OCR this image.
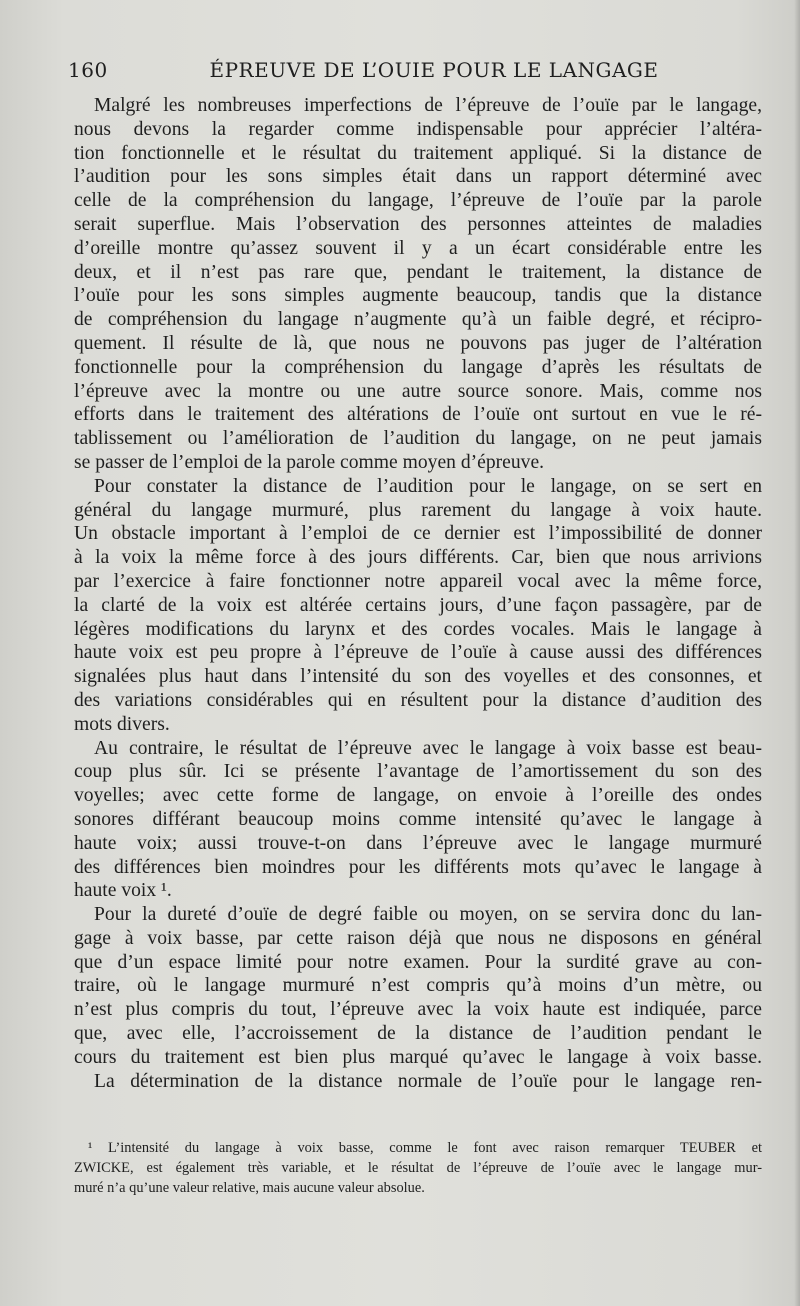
160	ÉPREUVE DE L’OUIE POUR LE LANGAGE
Malgré les nombreuses imperfections de l’épreuve de l’ouïe par le langage,
nous devons la regarder comme indispensable pour apprécier l’altéra-
tion fonctionnelle et le résultat du traitement appliqué. Si la distance de
l’audition pour les sons simples était dans un rapport déterminé avec
celle de la compréhension du langage, l’épreuve de l’ouïe par la parole
serait superflue. Mais l’observation des personnes atteintes de maladies
d’oreille montre qu’assez souvent il y a un écart considérable entre les
deux, et il n’est pas rare que, pendant le traitement, la distance de
l’ouïe pour les sons simples augmente beaucoup, tandis que la distance
de compréhension du langage n’augmente qu’à un faible degré, et récipro-
quement. Il résulte de là, que nous ne pouvons pas juger de l’altération
fonctionnelle pour la compréhension du langage d’après les résultats de
l’épreuve avec la montre ou une autre source sonore. Mais, comme nos
efforts dans le traitement des altérations de l’ouïe ont surtout en vue le ré-
tablissement ou l’amélioration de l’audition du langage, on ne peut jamais
se passer de l’emploi de la parole comme moyen d’épreuve.
Pour constater la distance de l’audition pour le langage, on se sert en
général du langage murmuré, plus rarement du langage à voix haute.
Un obstacle important à l’emploi de ce dernier est l’impossibilité de donner
à la voix la même force à des jours différents. Car, bien que nous arrivions
par l’exercice à faire fonctionner notre appareil vocal avec la même force,
la clarté de la voix est altérée certains jours, d’une façon passagère, par de
légères modifications du larynx et des cordes vocales. Mais le langage à
haute voix est peu propre à l’épreuve de l’ouïe à cause aussi des différences
signalées plus haut dans l’intensité du son des voyelles et des consonnes, et
des variations considérables qui en résultent pour la distance d’audition des
mots divers.
Au contraire, le résultat de l’épreuve avec le langage à voix basse est beau-
coup plus sûr. Ici se présente l’avantage de l’amortissement du son des
voyelles; avec cette forme de langage, on envoie à l’oreille des ondes
sonores différant beaucoup moins comme intensité qu’avec le langage à
haute voix; aussi trouve-t-on dans l’épreuve avec le langage murmuré
des différences bien moindres pour les différents mots qu’avec le langage à
haute voix ¹.
Pour la dureté d’ouïe de degré faible ou moyen, on se servira donc du lan-
gage à voix basse, par cette raison déjà que nous ne disposons en général
que d’un espace limité pour notre examen. Pour la surdité grave au con-
traire, où le langage murmuré n’est compris qu’à moins d’un mètre, ou
n’est plus compris du tout, l’épreuve avec la voix haute est indiquée, parce
que, avec elle, l’accroissement de la distance de l’audition pendant le
cours du traitement est bien plus marqué qu’avec le langage à voix basse.
La détermination de la distance normale de l’ouïe pour le langage ren-
¹ L’intensité du langage à voix basse, comme le font avec raison remarquer TEUBER et
ZWICKE, est également très variable, et le résultat de l’épreuve de l’ouïe avec le langage mur-
muré n’a qu’une valeur relative, mais aucune valeur absolue.
